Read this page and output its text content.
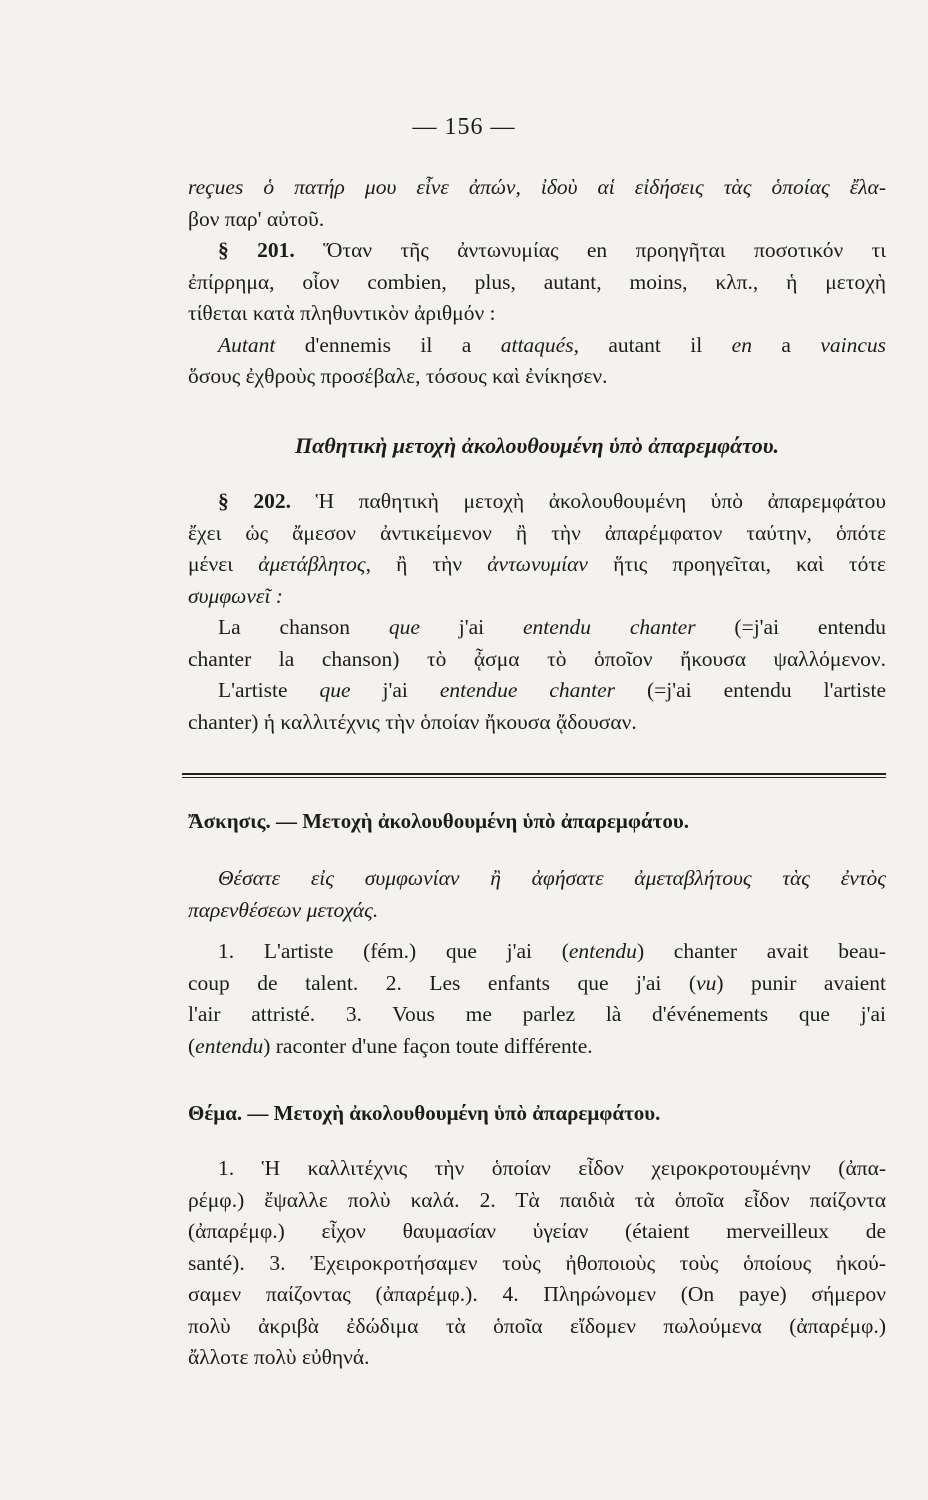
— 156 —
reçues ὁ πατήρ μου εἶνε ἀπών, ἰδοὺ αἱ εἰδήσεις τὰς ὁποίας ἔλα-
βον παρ' αὐτοῦ.
§ 201. Ὅταν τῆς ἀντωνυμίας en προηγῆται ποσοτικόν τι
ἐπίρρημα, οἷον combien, plus, autant, moins, κλπ., ἡ μετοχὴ
τίθεται κατὰ πληθυντικὸν ἀριθμόν :
Autant d'ennemis il a attaqués, autant il en a vaincus
ὅσους ἐχθροὺς προσέβαλε, τόσους καὶ ἐνίκησεν.
Παθητικὴ μετοχὴ ἀκολουθουμένη ὑπὸ ἀπαρεμφάτου.
§ 202. Ἡ παθητικὴ μετοχὴ ἀκολουθουμένη ὑπὸ ἀπαρεμφάτου
ἔχει ὡς ἄμεσον ἀντικείμενον ἢ τὴν ἀπαρέμφατον ταύτην, ὁπότε
μένει ἀμετάβλητος, ἢ τὴν ἀντωνυμίαν ἥτις προηγεῖται, καὶ τότε
συμφωνεῖ :
La chanson que j'ai entendu chanter (=j'ai entendu
chanter la chanson) τὸ ᾆσμα τὸ ὁποῖον ἤκουσα ψαλλόμενον.
L'artiste que j'ai entendue chanter (=j'ai entendu l'artiste
chanter) ἡ καλλιτέχνις τὴν ὁποίαν ἤκουσα ᾄδουσαν.
Ἄσκησις. — Μετοχὴ ἀκολουθουμένη ὑπὸ ἀπαρεμφάτου.
Θέσατε εἰς συμφωνίαν ἢ ἀφήσατε ἀμεταβλήτους τὰς ἐντὸς
παρενθέσεων μετοχάς.
1. L'artiste (fém.) que j'ai (entendu) chanter avait beau-
coup de talent. 2. Les enfants que j'ai (vu) punir avaient
l'air attristé. 3. Vous me parlez là d'événements que j'ai
(entendu) raconter d'une façon toute différente.
Θέμα. — Μετοχὴ ἀκολουθουμένη ὑπὸ ἀπαρεμφάτου.
1. Ἡ καλλιτέχνις τὴν ὁποίαν εἶδον χειροκροτουμένην (ἀπα-
ρέμφ.) ἔψαλλε πολὺ καλά. 2. Τὰ παιδιὰ τὰ ὁποῖα εἶδον παίζοντα
(ἀπαρέμφ.) εἶχον θαυμασίαν ὑγείαν (étaient merveilleux de
santé). 3. Ἐχειροκροτήσαμεν τοὺς ἠθοποιοὺς τοὺς ὁποίους ἠκού-
σαμεν παίζοντας (ἀπαρέμφ.). 4. Πληρώνομεν (On paye) σήμερον
πολὺ ἀκριβὰ ἐδώδιμα τὰ ὁποῖα εἴδομεν πωλούμενα (ἀπαρέμφ.)
ἄλλοτε πολὺ εὐθηνά.
